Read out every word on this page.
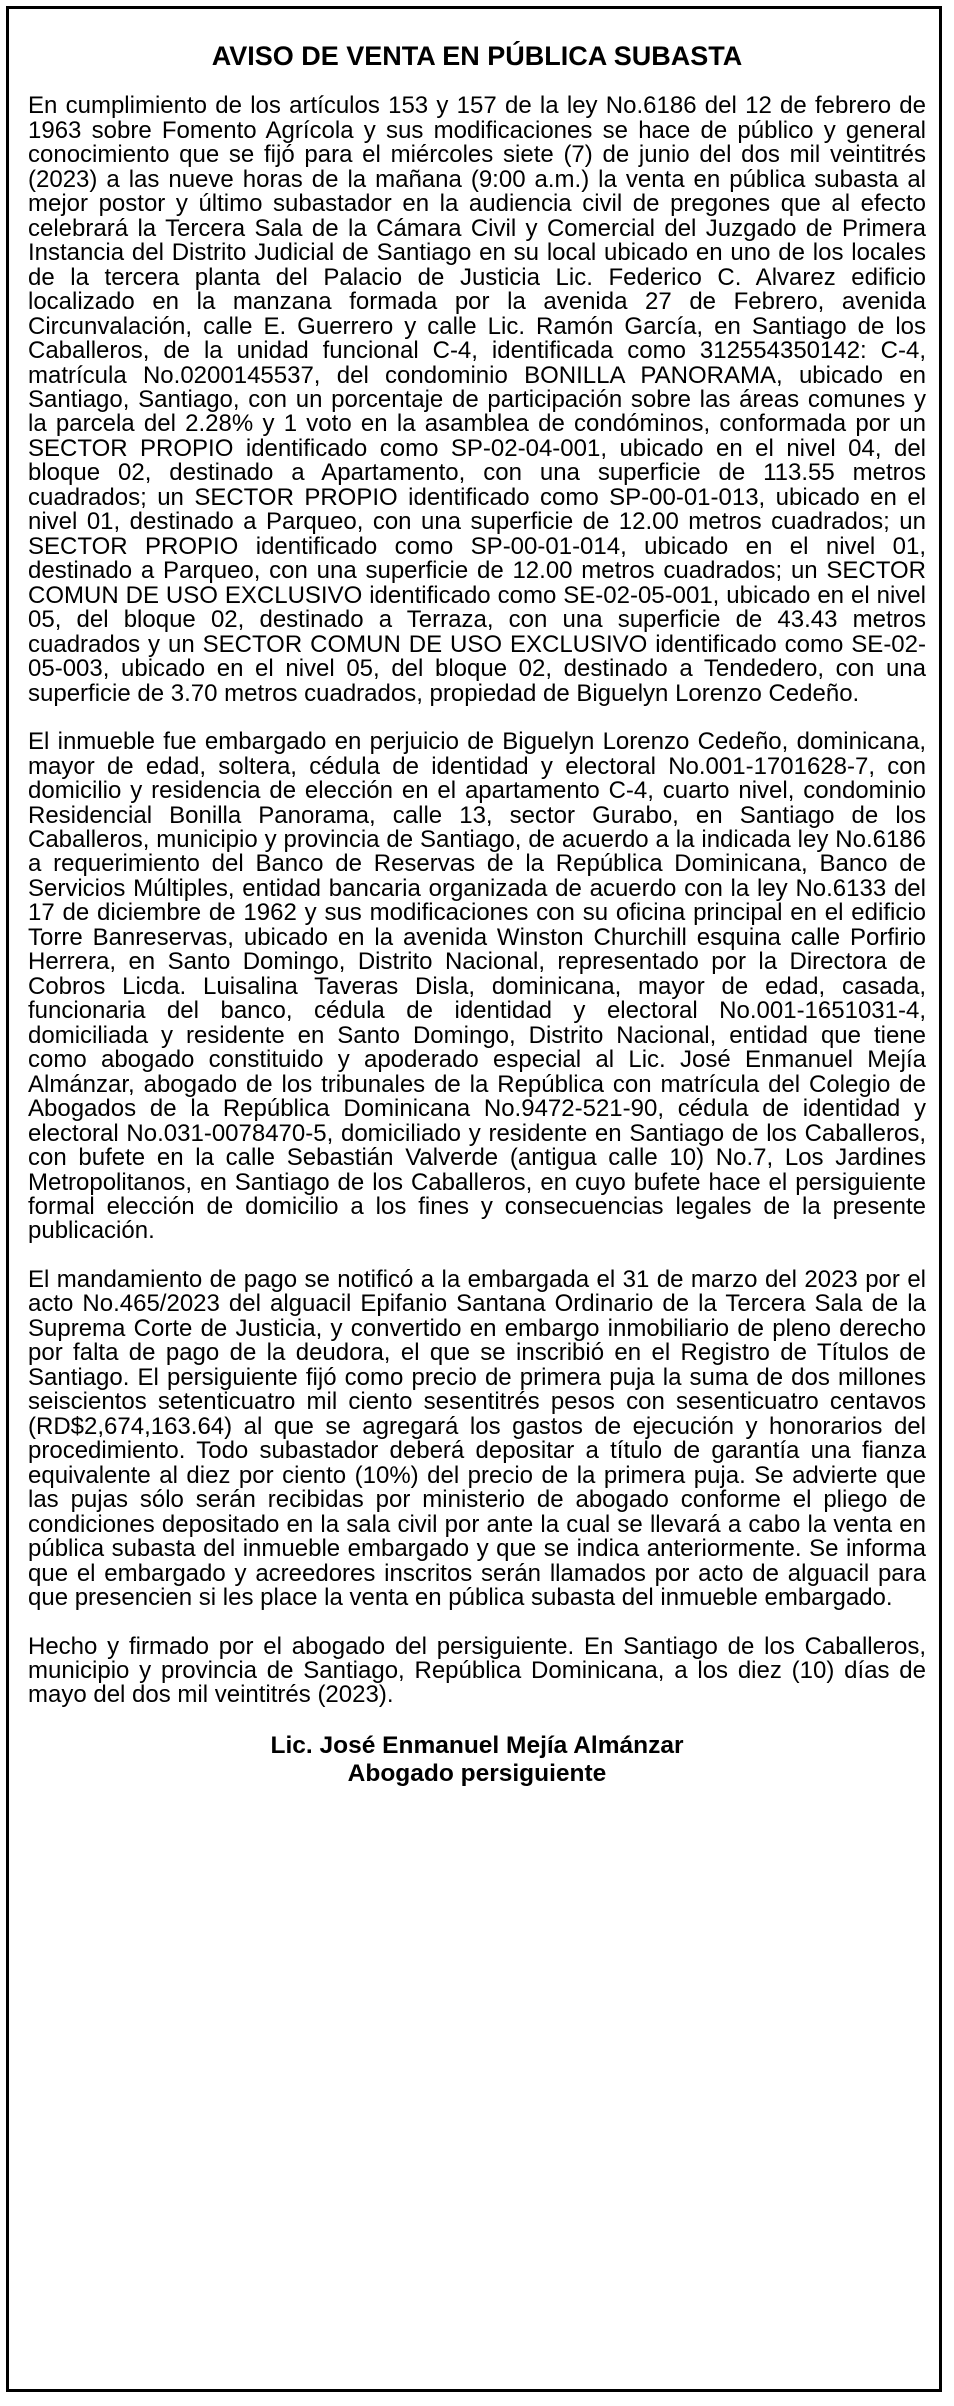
AVISO DE VENTA EN PÚBLICA SUBASTA

En cumplimiento de los artículos 153 y 157 de la ley No.6186 del 12 de febrero de 1963 sobre Fomento Agrícola y sus modificaciones se hace de público y general conocimiento que se fijó para el miércoles siete (7) de junio del dos mil veintitrés (2023) a las nueve horas de la mañana (9:00 a.m.) la venta en pública subasta al mejor postor y último subastador en la audiencia civil de pregones que al efecto celebrará la Tercera Sala de la Cámara Civil y Comercial del Juzgado de Primera Instancia del Distrito Judicial de Santiago en su local ubicado en uno de los locales de la tercera planta del Palacio de Justicia Lic. Federico C. Alvarez edificio localizado en la manzana formada por la avenida 27 de Febrero, avenida Circunvalación, calle E. Guerrero y calle Lic. Ramón García, en Santiago de los Caballeros, de la unidad funcional C-4, identificada como 312554350142: C-4, matrícula No.0200145537, del condominio BONILLA PANORAMA, ubicado en Santiago, Santiago, con un porcentaje de participación sobre las áreas comunes y la parcela del 2.28% y 1 voto en la asamblea de condóminos, conformada por un SECTOR PROPIO identificado como SP-02-04-001, ubicado en el nivel 04, del bloque 02, destinado a Apartamento, con una superficie de 113.55 metros cuadrados; un SECTOR PROPIO identificado como SP-00-01-013, ubicado en el nivel 01, destinado a Parqueo, con una superficie de 12.00 metros cuadrados; un SECTOR PROPIO identificado como SP-00-01-014, ubicado en el nivel 01, destinado a Parqueo, con una superficie de 12.00 metros cuadrados; un SECTOR COMUN DE USO EXCLUSIVO identificado como SE-02-05-001, ubicado en el nivel 05, del bloque 02, destinado a Terraza, con una superficie de 43.43 metros cuadrados y un SECTOR COMUN DE USO EXCLUSIVO identificado como SE-02-05-003, ubicado en el nivel 05, del bloque 02, destinado a Tendedero, con una superficie de 3.70 metros cuadrados, propiedad de Biguelyn Lorenzo Cedeño.

El inmueble fue embargado en perjuicio de Biguelyn Lorenzo Cedeño, dominicana, mayor de edad, soltera, cédula de identidad y electoral No.001-1701628-7, con domicilio y residencia de elección en el apartamento C-4, cuarto nivel, condominio Residencial Bonilla Panorama, calle 13, sector Gurabo, en Santiago de los Caballeros, municipio y provincia de Santiago, de acuerdo a la indicada ley No.6186 a requerimiento del Banco de Reservas de la República Dominicana, Banco de Servicios Múltiples, entidad bancaria organizada de acuerdo con la ley No.6133 del 17 de diciembre de 1962 y sus modificaciones con su oficina principal en el edificio Torre Banreservas, ubicado en la avenida Winston Churchill esquina calle Porfirio Herrera, en Santo Domingo, Distrito Nacional, representado por la Directora de Cobros Licda. Luisalina Taveras Disla, dominicana, mayor de edad, casada, funcionaria del banco, cédula de identidad y electoral No.001-1651031-4, domiciliada y residente en Santo Domingo, Distrito Nacional, entidad que tiene como abogado constituido y apoderado especial al Lic. José Enmanuel Mejía Almánzar, abogado de los tribunales de la República con matrícula del Colegio de Abogados de la República Dominicana No.9472-521-90, cédula de identidad y electoral No.031-0078470-5, domiciliado y residente en Santiago de los Caballeros, con bufete en la calle Sebastián Valverde (antigua calle 10) No.7, Los Jardines Metropolitanos, en Santiago de los Caballeros, en cuyo bufete hace el persiguiente formal elección de domicilio a los fines y consecuencias legales de la presente publicación.

El mandamiento de pago se notificó a la embargada el 31 de marzo del 2023 por el acto No.465/2023 del alguacil Epifanio Santana Ordinario de la Tercera Sala de la Suprema Corte de Justicia, y convertido en embargo inmobiliario de pleno derecho por falta de pago de la deudora, el que se inscribió en el Registro de Títulos de Santiago. El persiguiente fijó como precio de primera puja la suma de dos millones seiscientos setenticuatro mil ciento sesentitrés pesos con sesenticuatro centavos (RD$2,674,163.64) al que se agregará los gastos de ejecución y honorarios del procedimiento. Todo subastador deberá depositar a título de garantía una fianza equivalente al diez por ciento (10%) del precio de la primera puja. Se advierte que las pujas sólo serán recibidas por ministerio de abogado conforme el pliego de condiciones depositado en la sala civil por ante la cual se llevará a cabo la venta en pública subasta del inmueble embargado y que se indica anteriormente. Se informa que el embargado y acreedores inscritos serán llamados por acto de alguacil para que presencien si les place la venta en pública subasta del inmueble embargado.

Hecho y firmado por el abogado del persiguiente. En Santiago de los Caballeros, municipio y provincia de Santiago, República Dominicana, a los diez (10) días de mayo del dos mil veintitrés (2023).

Lic. José Enmanuel Mejía Almánzar
Abogado persiguiente
